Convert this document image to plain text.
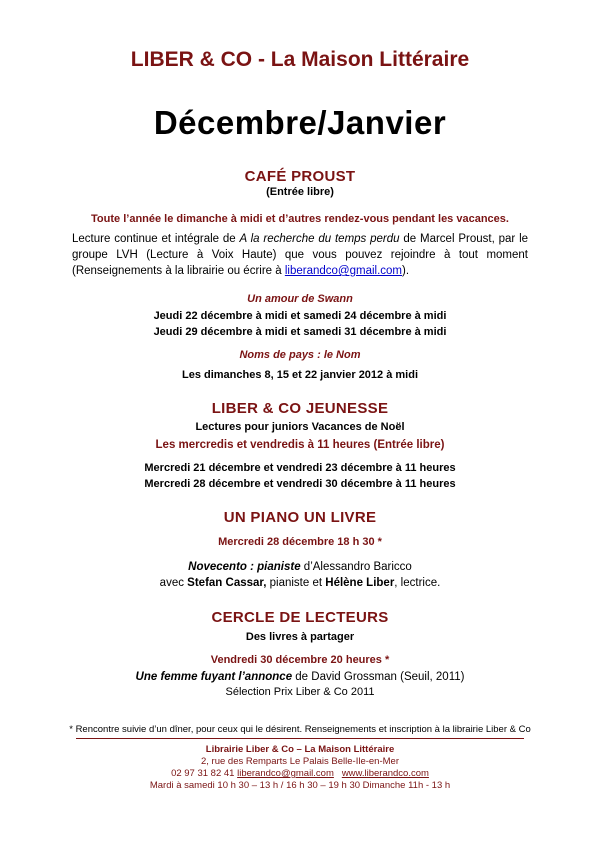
LIBER & CO - La Maison Littéraire
Décembre/Janvier
CAFÉ PROUST
(Entrée libre)
Toute l’année le dimanche à midi et d’autres rendez-vous pendant les vacances.
Lecture continue et intégrale de A la recherche du temps perdu de Marcel Proust, par le groupe LVH (Lecture à Voix Haute) que vous pouvez rejoindre à tout moment (Renseignements à la librairie ou écrire à liberandco@gmail.com).
Un amour de Swann
Jeudi 22 décembre à midi et samedi 24 décembre à midi
Jeudi 29 décembre à midi et samedi 31 décembre à midi
Noms de pays : le Nom
Les dimanches 8, 15 et 22 janvier 2012 à midi
LIBER & CO JEUNESSE
Lectures pour juniors Vacances de Noël
Les mercredis et vendredis à 11 heures (Entrée libre)
Mercredi 21 décembre et vendredi 23 décembre à 11 heures
Mercredi 28 décembre et vendredi 30 décembre à 11 heures
UN PIANO UN LIVRE
Mercredi 28 décembre 18 h 30 *
Novecento : pianiste d’Alessandro Baricco
avec Stefan Cassar, pianiste et Hélène Liber, lectrice.
CERCLE DE LECTEURS
Des livres à partager
Vendredi 30 décembre 20 heures *
Une femme fuyant l’annonce de David Grossman (Seuil, 2011)
Sélection Prix Liber & Co 2011
* Rencontre suivie d’un dîner, pour ceux qui le désirent. Renseignements et inscription à la librairie Liber & Co
Librairie Liber & Co – La Maison Littéraire
2, rue des Remparts Le Palais Belle-Ile-en-Mer
02 97 31 82 41 liberandco@gmail.com www.liberandco.com
Mardi à samedi 10 h 30 – 13 h / 16 h 30 – 19 h 30 Dimanche 11h - 13 h
